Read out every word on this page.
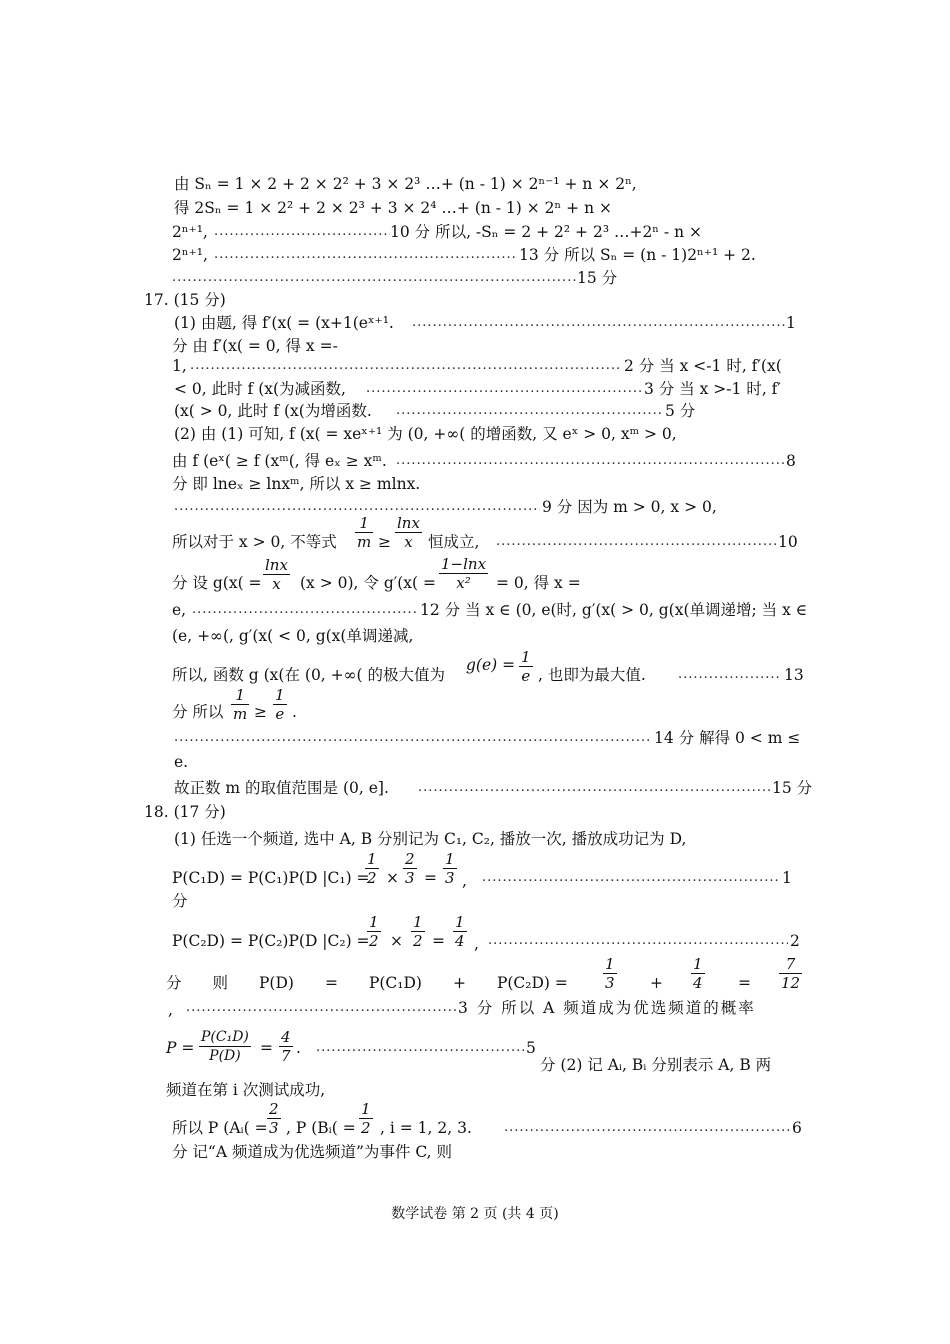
由 Sₙ = 1 × 2 + 2 × 2² + 3 × 2³ …+ (n - 1) × 2ⁿ⁻¹ + n × 2ⁿ,
得 2Sₙ = 1 × 2² + 2 × 2³ + 3 × 2⁴ …+ (n - 1) × 2ⁿ + n ×
2ⁿ⁺¹, .....	10 分 所以, -Sₙ = 2 + 2² + 2³ …+2ⁿ - n ×
2ⁿ⁺¹, .....	13 分 所以 Sₙ = (n - 1)2ⁿ⁺¹ + 2.
.....
15 分
17. (15 分)
(1) 由题, 得 f′(x( = (x+1(eˣ⁺¹. .....	1
分 由 f′(x( = 0, 得 x =-
1, .....	2 分 当 x <-1 时, f′(x(
< 0, 此时 f (x(为减函数, .....	3 分 当 x >-1 时, f′
(x( > 0, 此时 f (x(为增函数. .....	5 分
(2) 由 (1) 可知, f (x( = xeˣ⁺¹ 为 (0, +∞( 的增函数, 又 eˣ > 0, xᵐ > 0,
由 f (eˣ( ≥ f (xᵐ(, 得 eₓ ≥ xᵐ. .....	8
分 即 lneₓ ≥ lnxᵐ, 所以 x ≥ mlnx.
.....
9 分 因为 m > 0, x > 0,
所以对于 x > 0, 不等式 $\frac{1}{m} \ge \frac{\ln x}{x}$ 恒成立, .....	10
分 设 $g(x( = \frac{\ln x}{x} (x > 0)$, 令 $g'(x( = \frac{1-\ln x}{\text{x²}} = 0$, 得 x =
e, .....	12 分 当 x ∈ (0, e(时, g′(x( > 0, g(x(单调递增; 当 x ∈
(e, +∞(, g′(x( < 0, g(x(单调递减,
所以, 函数 g (x(在 (0, +∞( 的极大值为
$g(e) = \frac{1}{e}$ , 也即为最大值. .....	13
分 所以 $\frac{1}{m} \ge \frac{1}{e}$ .
.....
14 分 解得 0 < m ≤
e.
故正数 m 的取值范围是 (0, e]. .....	15 分
18. (17 分)
(1) 任选一个频道, 选中 A, B 分别记为 C₁, C₂, 播放一次, 播放成功记为 D,
P(C₁D) = P(C₁)P(D |C₁) =
$\frac{1}{2} \times \frac{2}{3} = \frac{1}{3}$ , .....	1
分
P(C₂D) = P(C₂)P(D |C₂) =
$\frac{1}{2} \times \frac{1}{2} = \frac{1}{4}$ , .....	2
分　　则　　P(D)　　=　　P(C₁D)　　+　　$P(C_2D) = \frac{1}{3} + \frac{1}{4} = \frac{7}{12}$
, .....	3 分 所以 A 频道成为优选频道的概率
$P = \frac{\text{P(C₁D)}}{P(D)} = \frac{4}{7}$ . .....	5
分 (2) 记 Aᵢ, Bᵢ 分别表示 A, B 两
频道在第 i 次测试成功,
所以 P (Aᵢ( = $\frac{2}{3}$ , P (Bᵢ( = $\frac{1}{2}$ , i = 1, 2, 3. .....	6
分 记“A 频道成为优选频道”为事件 C, 则
数学试卷 第 2 页 (共 4 页)
